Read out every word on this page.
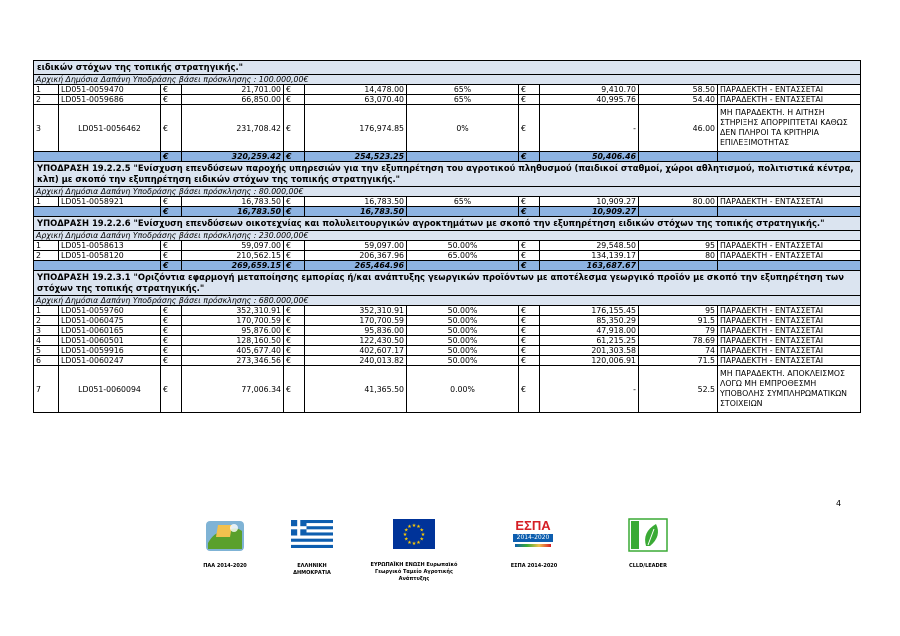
ειδικών στόχων της τοπικής στρατηγικής."										
Αρχική Δημόσια Δαπάνη Υποδράσης βάσει πρόσκλησης : 100.000,00€										
1	LD051-0059470	€	21,701.00	€	14,478.00	65%	€	9,410.70	58.50	ΠΑΡΑΔΕΚΤΗ - ΕΝΤΑΣΣΕΤΑΙ
2	LD051-0059686	€	66,850.00	€	63,070.40	65%	€	40,995.76	54.40	ΠΑΡΑΔΕΚΤΗ - ΕΝΤΑΣΣΕΤΑΙ
3	LD051-0056462	€	231,708.42	€	176,974.85	0%	€	-	46.00	ΜΗ ΠΑΡΑΔΕΚΤΗ. Η ΑΙΤΗΣΗ ΣΤΗΡΙΞΗΣ ΑΠΟΡΡΙΠΤΕΤΑΙ ΚΑΘΩΣ ΔΕΝ ΠΛΗΡΟΙ ΤΑ ΚΡΙΤΗΡΙΑ ΕΠΙΛΕΞΙΜΟΤΗΤΑΣ
		€	320,259.42	€	254,523.25		€	50,406.46		
ΥΠΟΔΡΑΣΗ 19.2.2.5 "Ενίσχυση επενδύσεων παροχής υπηρεσιών για την εξυπηρέτηση του αγροτικού πληθυσμού (παιδικοί σταθμοί, χώροι αθλητισμού, πολιτιστικά κέντρα, κλπ) με σκοπό την εξυπηρέτηση ειδικών στόχων της τοπικής στρατηγικής."										
Αρχική Δημόσια Δαπάνη Υποδράσης βάσει πρόσκλησης : 80.000,00€										
1	LD051-0058921	€	16,783.50	€	16,783.50	65%	€	10,909.27	80.00	ΠΑΡΑΔΕΚΤΗ - ΕΝΤΑΣΣΕΤΑΙ
		€	16,783.50	€	16,783.50		€	10,909.27		
ΥΠΟΔΡΑΣΗ 19.2.2.6 "Ενίσχυση επενδύσεων οικοτεχνίας και πολυλειτουργικών αγροκτημάτων με σκοπό την εξυπηρέτηση ειδικών στόχων της τοπικής στρατηγικής."										
Αρχική Δημόσια Δαπάνη Υποδράσης βάσει πρόσκλησης : 230.000,00€										
1	LD051-0058613	€	59,097.00	€	59,097.00	50.00%	€	29,548.50	95	ΠΑΡΑΔΕΚΤΗ - ΕΝΤΑΣΣΕΤΑΙ
2	LD051-0058120	€	210,562.15	€	206,367.96	65.00%	€	134,139.17	80	ΠΑΡΑΔΕΚΤΗ - ΕΝΤΑΣΣΕΤΑΙ
		€	269,659.15	€	265,464.96		€	163,687.67		
ΥΠΟΔΡΑΣΗ 19.2.3.1 "Οριζόντια εφαρμογή μεταποίησης εμπορίας ή/και ανάπτυξης γεωργικών προϊόντων με αποτέλεσμα γεωργικό προϊόν με σκοπό την εξυπηρέτηση των στόχων της τοπικής στρατηγικής."										
Αρχική Δημόσια Δαπάνη Υποδράσης βάσει πρόσκλησης : 680.000,00€										
1	LD051-0059760	€	352,310.91	€	352,310.91	50.00%	€	176,155.45	95	ΠΑΡΑΔΕΚΤΗ - ΕΝΤΑΣΣΕΤΑΙ
2	LD051-0060475	€	170,700.59	€	170,700.59	50.00%	€	85,350.29	91.5	ΠΑΡΑΔΕΚΤΗ - ΕΝΤΑΣΣΕΤΑΙ
3	LD051-0060165	€	95,876.00	€	95,836.00	50.00%	€	47,918.00	79	ΠΑΡΑΔΕΚΤΗ - ΕΝΤΑΣΣΕΤΑΙ
4	LD051-0060501	€	128,160.50	€	122,430.50	50.00%	€	61,215.25	78.69	ΠΑΡΑΔΕΚΤΗ - ΕΝΤΑΣΣΕΤΑΙ
5	LD051-0059916	€	405,677.40	€	402,607.17	50.00%	€	201,303.58	74	ΠΑΡΑΔΕΚΤΗ - ΕΝΤΑΣΣΕΤΑΙ
6	LD051-0060247	€	273,346.56	€	240,013.82	50.00%	€	120,006.91	71.5	ΠΑΡΑΔΕΚΤΗ - ΕΝΤΑΣΣΕΤΑΙ
7	LD051-0060094	€	77,006.34	€	41,365.50	0.00%	€	-	52.5	ΜΗ ΠΑΡΑΔΕΚΤΗ. ΑΠΟΚΛΕΙΣΜΟΣ ΛΟΓΩ ΜΗ ΕΜΠΡΟΘΕΣΜΗ ΥΠΟΒΟΛΗΣ ΣΥΜΠΛΗΡΩΜΑΤΙΚΩΝ ΣΤΟΙΧΕΙΩΝ
4
ΠΑΑ 2014-2020	ΕΛΛΗΝΙΚΗ ΔΗΜΟΚΡΑΤΙΑ
★
★
★
★
★
★
★
★
★ ★ ★
★
ΕΥΡΩΠΑΪΚΗ ΕΝΩΣΗ Ευρωπαϊκό
Γεωργικό Ταμείο Αγροτικής
Ανάπτυξης
ΕΣΠΑ
2014-2020
ΕΣΠΑ 2014-2020	CLLD/LEADER
